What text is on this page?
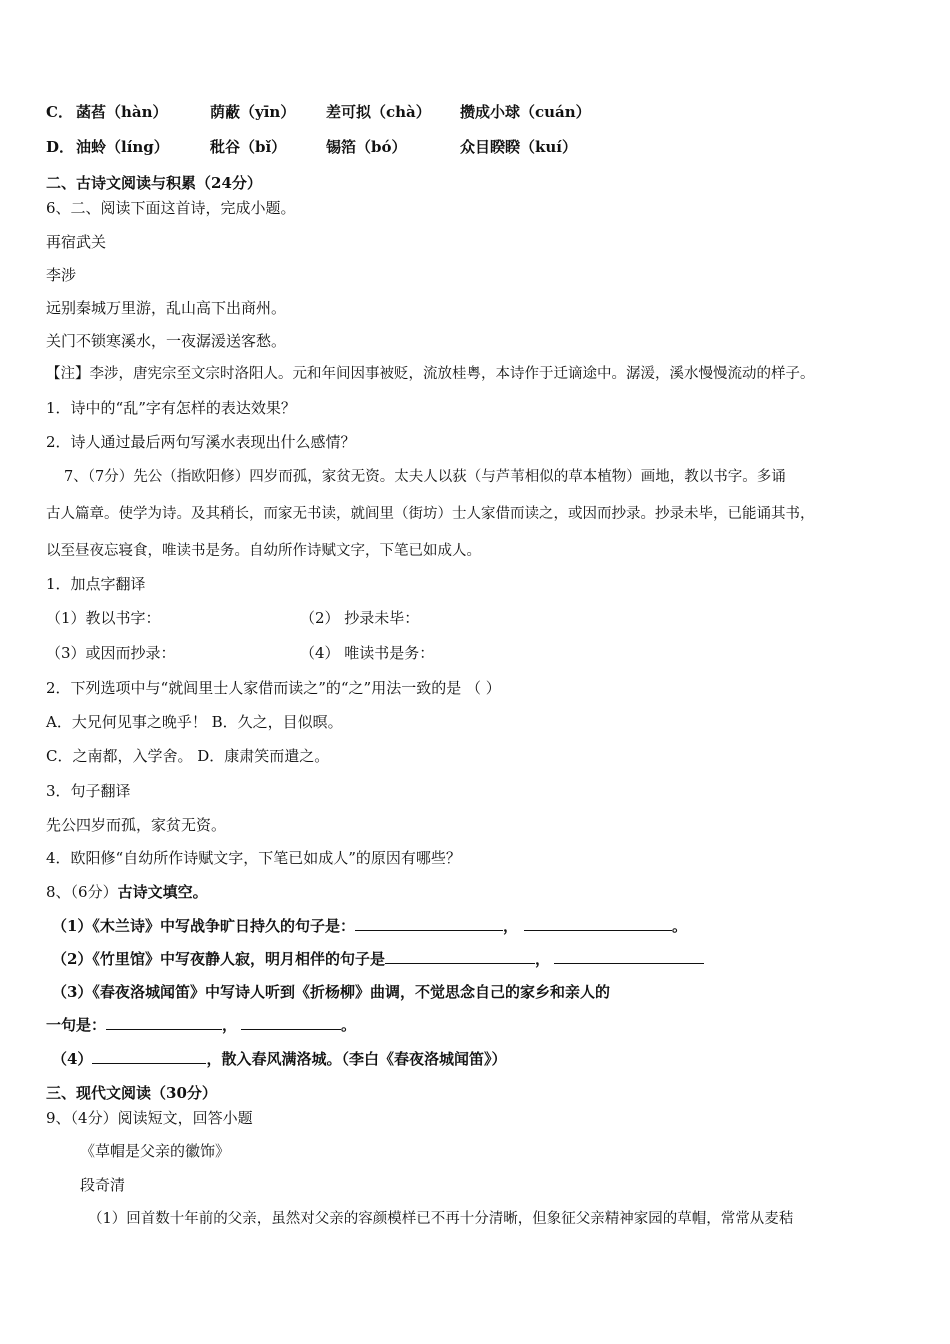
C． 菡萏（hàn）	荫蔽（yīn） 差可拟（chà） 攒成小球（cuán）
D． 油蛉（líng）	秕谷（bǐ）	锡箔（bó）	众目睽睽（kuí）
二、古诗文阅读与积累（24分）
6、二、阅读下面这首诗，完成小题。
再宿武关
李涉
远别秦城万里游，乱山高下出商州。
关门不锁寒溪水，一夜潺湲送客愁。
【注】李涉，唐宪宗至文宗时洛阳人。元和年间因事被贬，流放桂粤，本诗作于迁谪途中。潺湲，溪水慢慢流动的样子。
1．诗中的“乱”字有怎样的表达效果？
2．诗人通过最后两句写溪水表现出什么感情？
7、（7分）先公（指欧阳修）四岁而孤，家贫无资。太夫人以荻（与芦苇相似的草本植物）画地，教以书字。多诵
古人篇章。使学为诗。及其稍长，而家无书读，就闾里（街坊）士人家借而读之，或因而抄录。抄录未毕，已能诵其书，
以至昼夜忘寝食，唯读书是务。自幼所作诗赋文字，下笔已如成人。
1．加点字翻译
（1）教以书字：	（2） 抄录未毕：
（3）或因而抄录：	（4） 唯读书是务：
2．下列选项中与“就闾里士人家借而读之”的“之”用法一致的是 （ ）
A．大兄何见事之晚乎！ B．久之，目似暝。
C．之南都，入学舍。 D．康肃笑而遣之。
3．句子翻译
先公四岁而孤，家贫无资。
4．欧阳修“自幼所作诗赋文字，下笔已如成人”的原因有哪些？
8、（6分）古诗文填空。
（1）《木兰诗》中写战争旷日持久的句子是：	，	。
（2）《竹里馆》中写夜静人寂，明月相伴的句子是	，
（3）《春夜洛城闻笛》中写诗人听到《折杨柳》曲调，不觉思念自己的家乡和亲人的
一句是：	，	。
（4）	，散入春风满洛城。（李白《春夜洛城闻笛》）
三、现代文阅读（30分）
9、（4分）阅读短文，回答小题
《草帽是父亲的徽饰》
段奇清
（1）回首数十年前的父亲，虽然对父亲的容颜模样已不再十分清晰，但象征父亲精神家园的草帽，常常从麦秸
